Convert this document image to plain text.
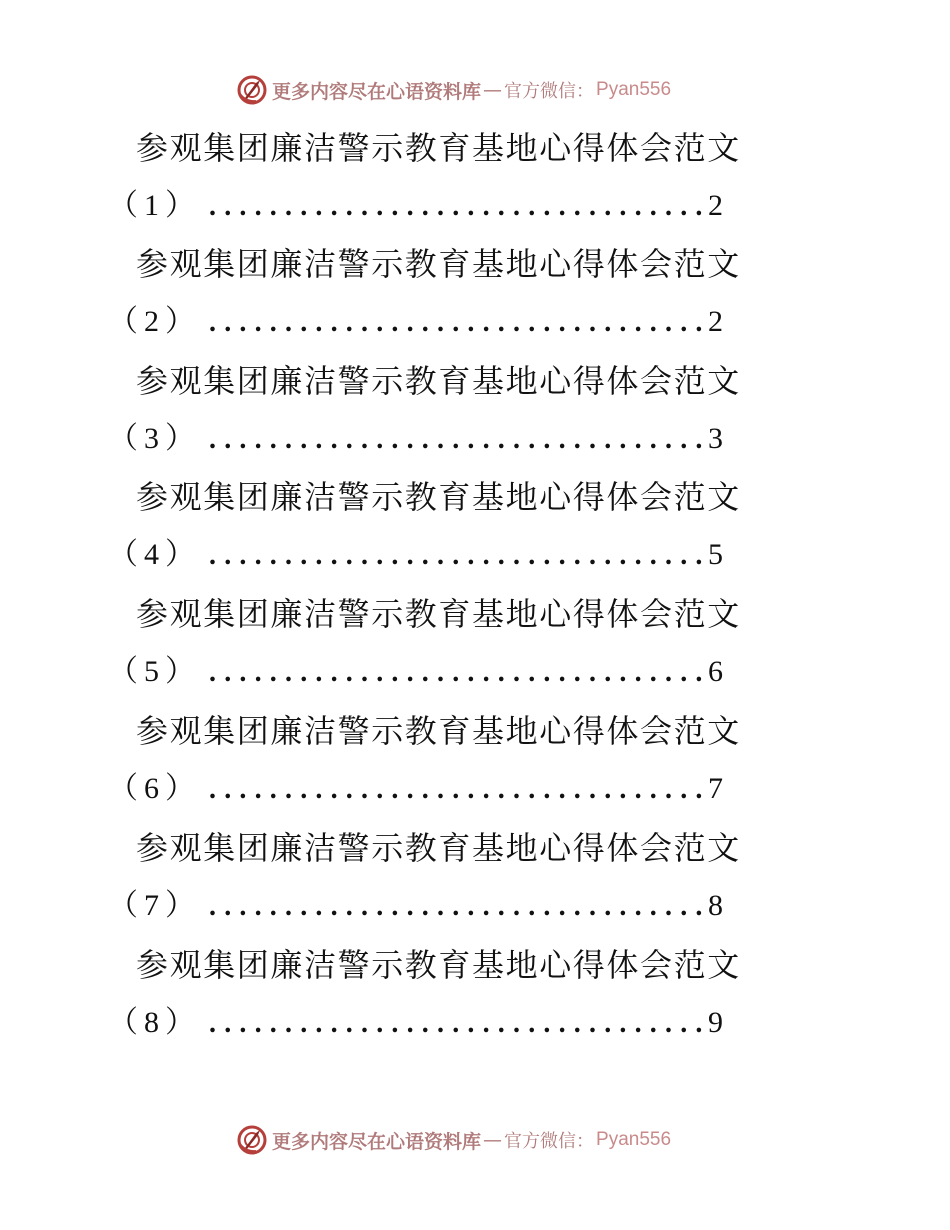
更多内容尽在心语资料库 — 官方微信： Pyan556
参观集团廉洁警示教育基地心得体会范文
（1） .....	2
参观集团廉洁警示教育基地心得体会范文
（2） .....	2
参观集团廉洁警示教育基地心得体会范文
（3） .....	3
参观集团廉洁警示教育基地心得体会范文
（4） .....	5
参观集团廉洁警示教育基地心得体会范文
（5） .....	6
参观集团廉洁警示教育基地心得体会范文
（6） .....	7
参观集团廉洁警示教育基地心得体会范文
（7） .....	8
参观集团廉洁警示教育基地心得体会范文
（8） .....	9
更多内容尽在心语资料库 — 官方微信： Pyan556
